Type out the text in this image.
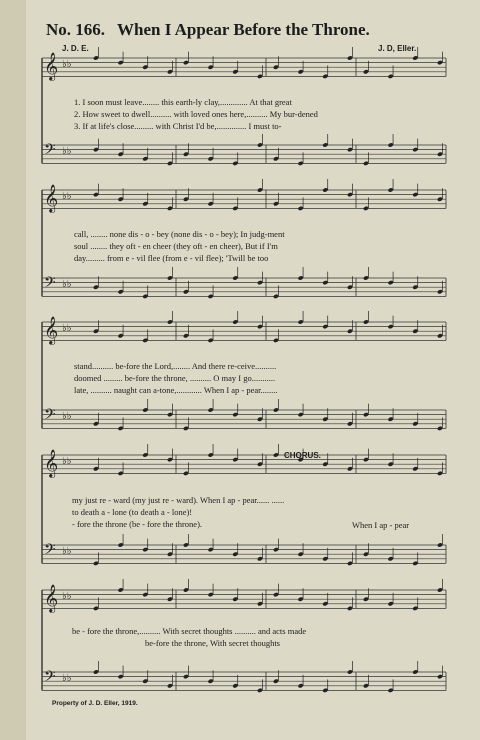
No. 166. When I Appear Before the Throne.
J. D. E.	J. D, Eller.
𝄞 ♭♭
𝄢 ♭♭
𝄞 ♭♭
𝄢 ♭♭
𝄞 ♭♭
𝄢 ♭♭
𝄞 ♭♭
𝄢 ♭♭
𝄞 ♭♭
𝄢 ♭♭
1. I soon must leave........ this earth-ly clay,............. At that great
2. How sweet to dwell.......... with loved ones here,.......... My bur-dened
3. If at life's close......... with Christ I'd be,.............. I must to-
call, ........ none dis - o - bey (none dis - o - bey); In judg-ment
soul ........ they oft - en cheer (they oft - en cheer), But if I'm
day......... from e - vil flee (from e - vil flee); 'Twill be too
stand.......... be-fore the Lord,........ And there re-ceive..........
doomed ......... be-fore the throne, .......... O may I go...........
late, .......... naught can a-tone,............ When I ap - pear........
CHORUS.
my just re - ward (my just re - ward). When I ap - pear...... ......
to death a - lone (to death a - lone)!
- fore the throne (be - fore the throne).	When I ap - pear
be - fore the throne,.......... With secret thoughts .......... and acts made
be-fore the throne, With secret thoughts
Property of J. D. Eller, 1919.
